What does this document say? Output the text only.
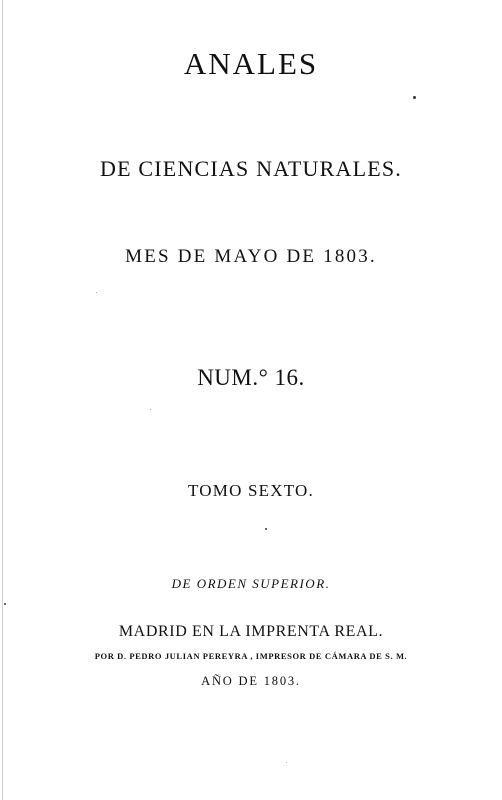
ANALES
DE CIENCIAS NATURALES.
MES DE MAYO DE 1803.
NUM.° 16.
TOMO SEXTO.
DE ORDEN SUPERIOR.
MADRID EN LA IMPRENTA REAL.
POR D. PEDRO JULIAN PEREYRA , IMPRESOR DE CÁMARA DE S. M.
AÑO DE 1803.
